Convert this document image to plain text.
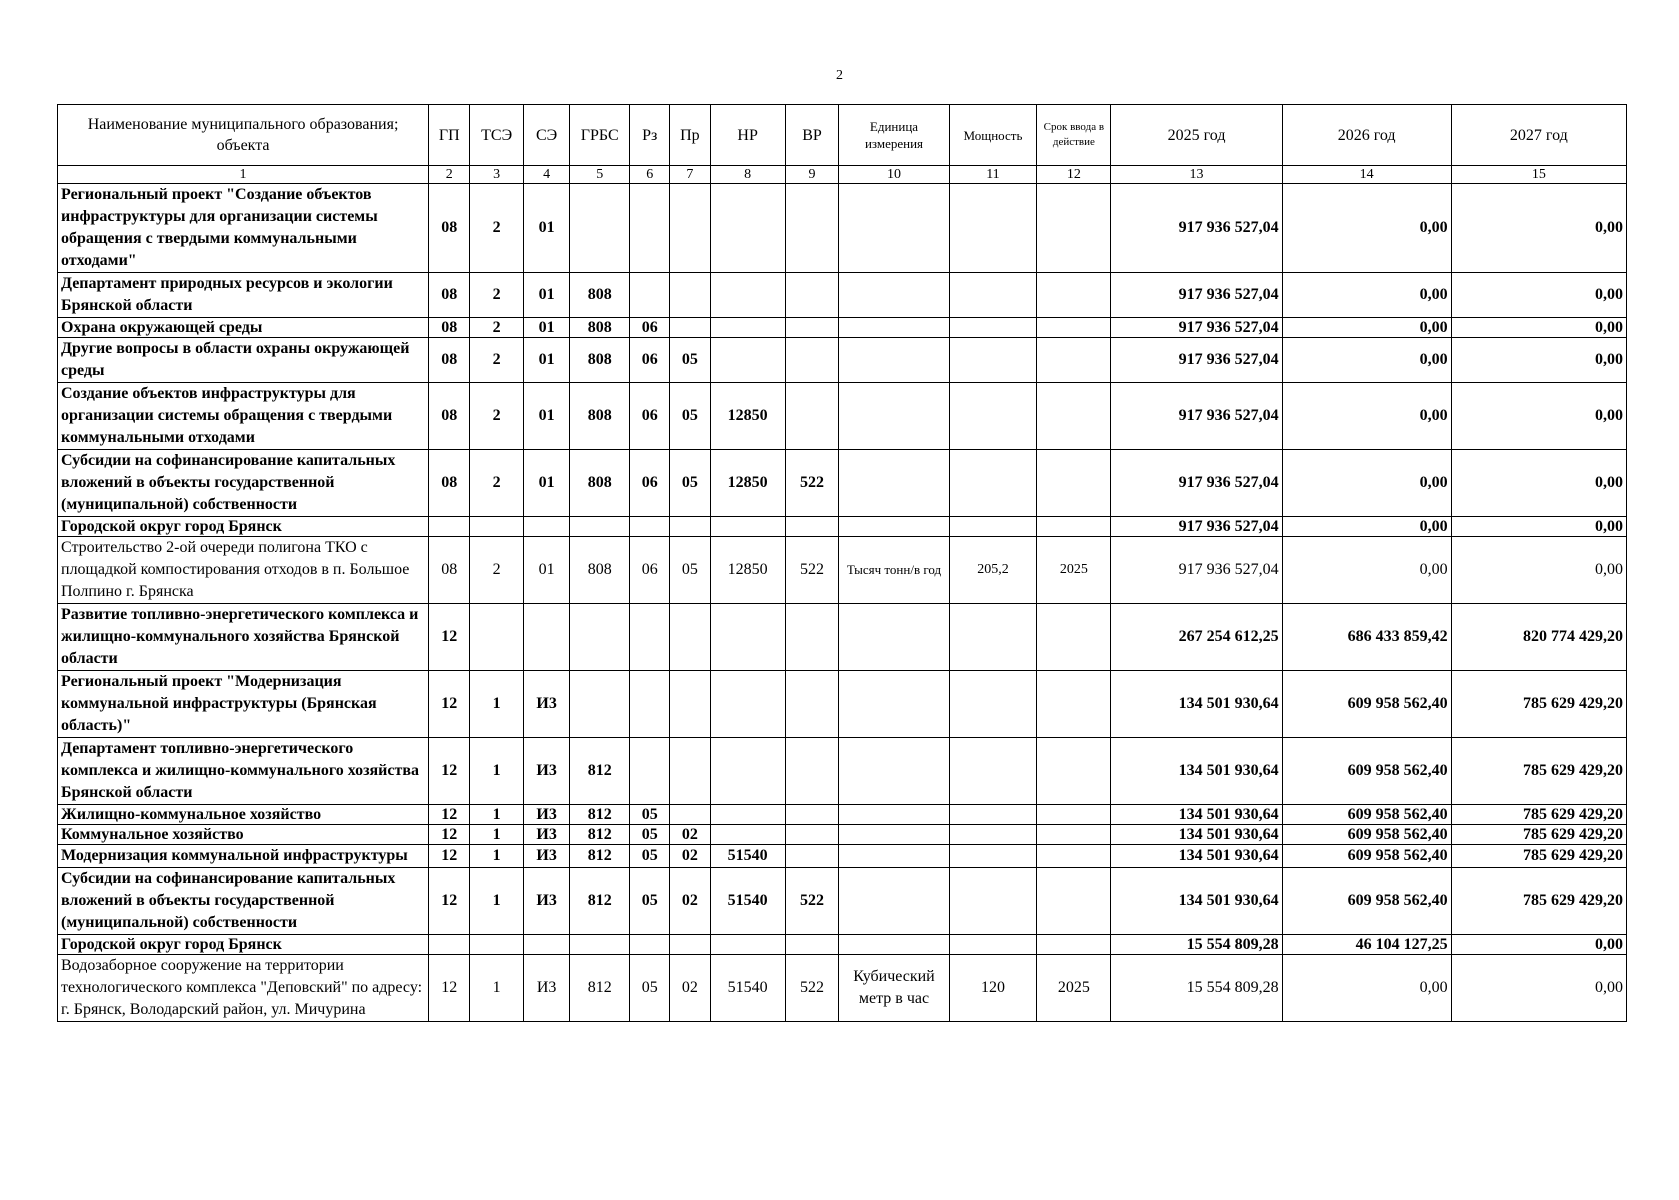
2
Наименование муниципального образования; объекта	ГП	ТСЭ	СЭ	ГРБС	Рз	Пр	НР	ВР	Единица измерения	Мощность	Срок ввода в действие	2025 год	2026 год	2027 год
1	2	3	4	5	6	7	8	9	10	11	12	13	14	15
Региональный проект "Создание объектов инфраструктуры для организации системы обращения с твердыми коммунальными отходами"	08	2	01									917 936 527,04	0,00	0,00
Департамент природных ресурсов и экологии Брянской области	08	2	01	808								917 936 527,04	0,00	0,00
Охрана окружающей среды	08	2	01	808	06							917 936 527,04	0,00	0,00
Другие вопросы в области охраны окружающей среды	08	2	01	808	06	05						917 936 527,04	0,00	0,00
Создание объектов инфраструктуры для организации системы обращения с твердыми коммунальными отходами	08	2	01	808	06	05	12850					917 936 527,04	0,00	0,00
Субсидии на софинансирование капитальных вложений в объекты государственной (муниципальной) собственности	08	2	01	808	06	05	12850	522				917 936 527,04	0,00	0,00
Городской округ город Брянск												917 936 527,04	0,00	0,00
Строительство 2-ой очереди полигона ТКО с площадкой компостирования отходов в п. Большое Полпино г. Брянска	08	2	01	808	06	05	12850	522	Тысяч тонн/в год	205,2	2025	917 936 527,04	0,00	0,00
Развитие топливно-энергетического комплекса и жилищно-коммунального хозяйства Брянской области	12											267 254 612,25	686 433 859,42	820 774 429,20
Региональный проект "Модернизация коммунальной инфраструктуры (Брянская область)"	12	1	И3									134 501 930,64	609 958 562,40	785 629 429,20
Департамент топливно-энергетического комплекса и жилищно-коммунального хозяйства Брянской области	12	1	И3	812								134 501 930,64	609 958 562,40	785 629 429,20
Жилищно-коммунальное хозяйство	12	1	И3	812	05							134 501 930,64	609 958 562,40	785 629 429,20
Коммунальное хозяйство	12	1	И3	812	05	02						134 501 930,64	609 958 562,40	785 629 429,20
Модернизация коммунальной инфраструктуры	12	1	И3	812	05	02	51540					134 501 930,64	609 958 562,40	785 629 429,20
Субсидии на софинансирование капитальных вложений в объекты государственной (муниципальной) собственности	12	1	И3	812	05	02	51540	522				134 501 930,64	609 958 562,40	785 629 429,20
Городской округ город Брянск												15 554 809,28	46 104 127,25	0,00
Водозаборное сооружение на территории технологического комплекса "Деповский" по адресу: г. Брянск, Володарский район, ул. Мичурина	12	1	И3	812	05	02	51540	522	Кубический метр в час	120	2025	15 554 809,28	0,00	0,00
